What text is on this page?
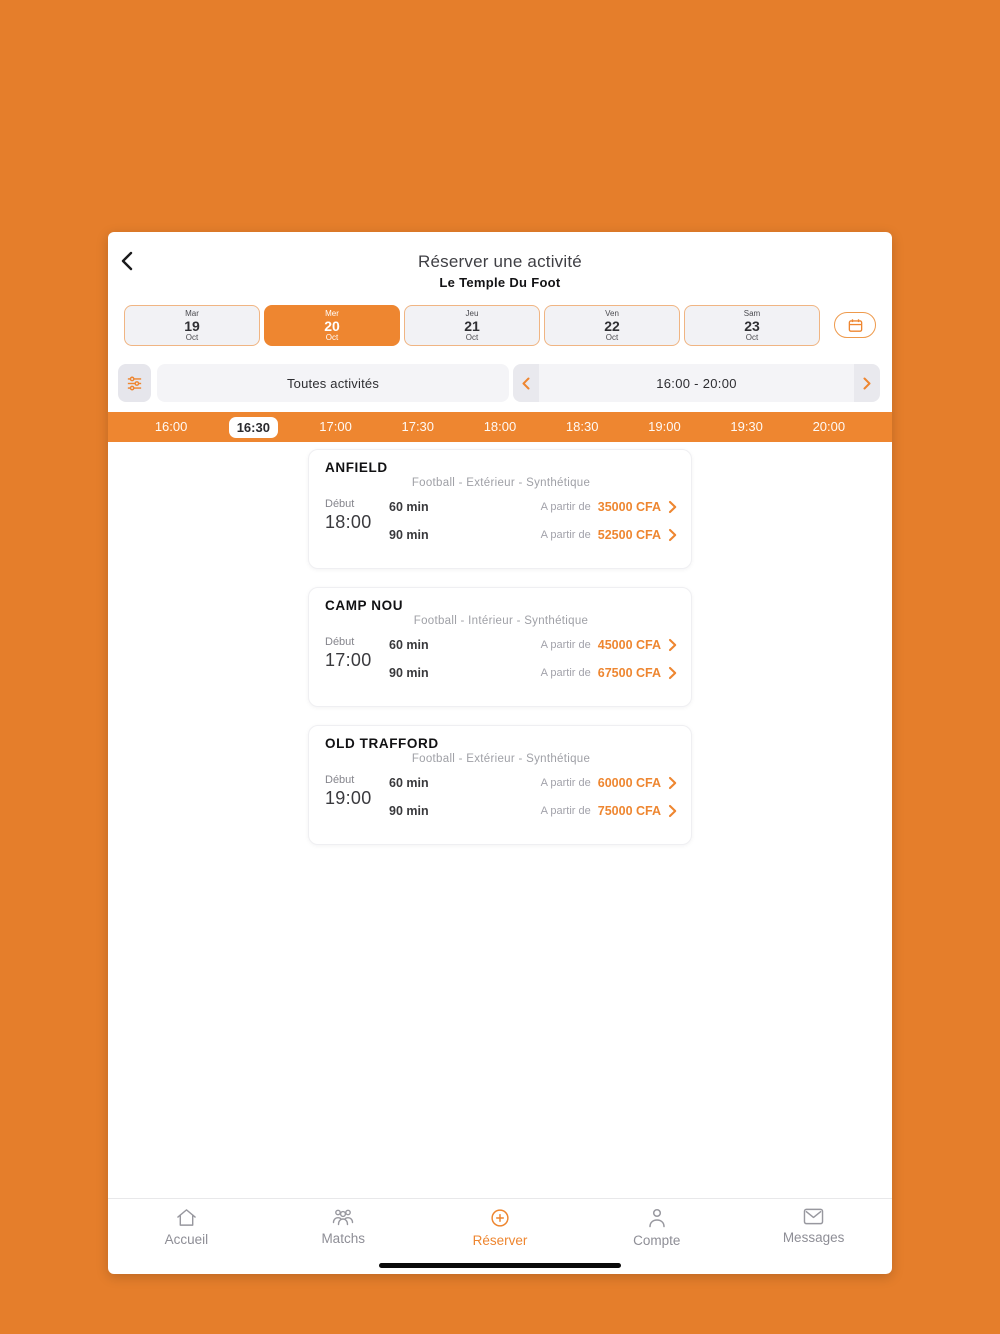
Réserver une activité
Le Temple Du Foot
Mar
19
Oct
Mer
20
Oct
Jeu
21
Oct
Ven
22
Oct
Sam
23
Oct
Toutes activités	16:00 - 20:00
16:00	16:30	17:00	17:30	18:00	18:30	19:00	19:30	20:00
ANFIELD
Football - Extérieur - Synthétique
Début
18:00
60 min	A partir de 35000 CFA
90 min	A partir de 52500 CFA
CAMP NOU
Football - Intérieur - Synthétique
Début
17:00
60 min	A partir de 45000 CFA
90 min	A partir de 67500 CFA
OLD TRAFFORD
Football - Extérieur - Synthétique
Début
19:00
60 min	A partir de 60000 CFA
90 min	A partir de 75000 CFA
Accueil	Matchs	Réserver	Compte	Messages
